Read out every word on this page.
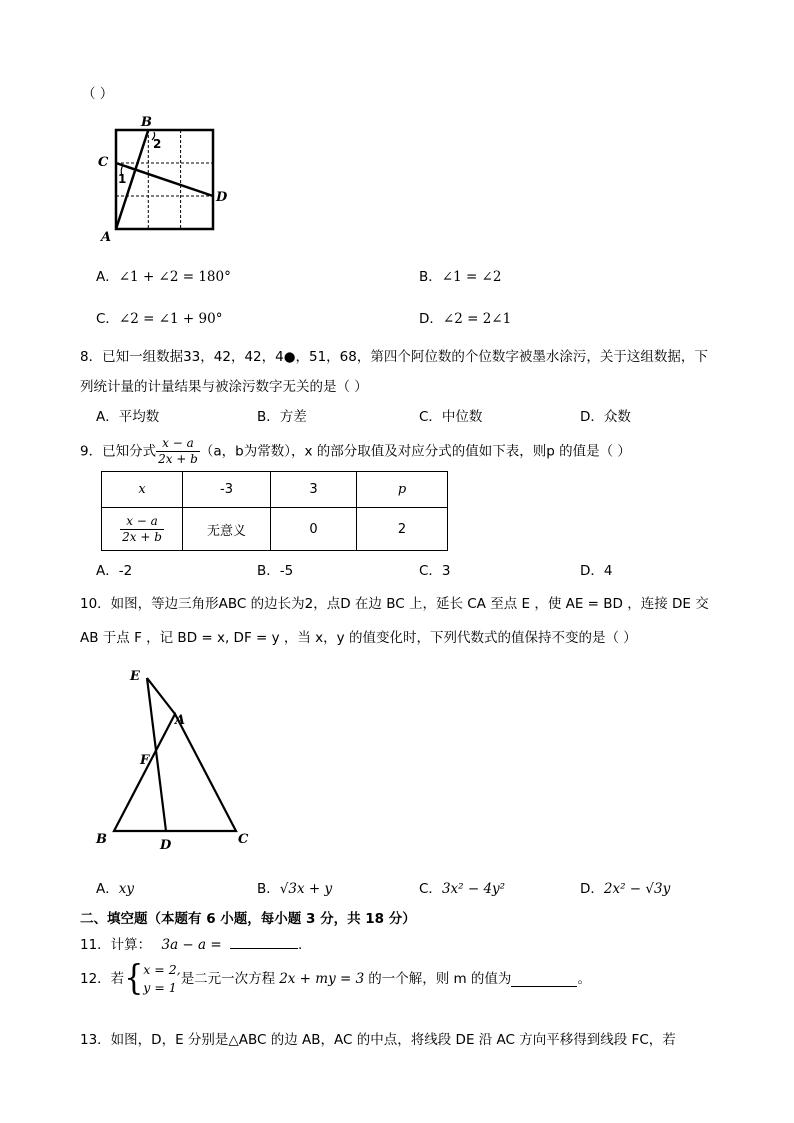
（ ）
B
C
D
A
2
1
A．∠1 + ∠2 = 180°	B．∠1 = ∠2
C．∠2 = ∠1 + 90°	D．∠2 = 2∠1
8．已知一组数据33，42，42，4●，51，68，第四个阿位数的个位数字被墨水涂污，关于这组数据，下
列统计量的计量结果与被涂污数字无关的是（ ）
A．平均数	B．方差	C．中位数	D．众数
9．已知分式 $\frac{x - a}{2x + b} (a$，b为常数），x 的部分取值及对应分式的值如下表，则p 的值是（ ）
x	-3	3	p

$\frac{x - a}{2x + b}$	无意义	0	2
A．-2	B．-5	C．3	D．4
10．如图，等边三角形ABC 的边长为2，点D 在边 BC 上，延长 CA 至点 E ，使 AE = BD ，连接 DE 交
AB 于点 F ，记 BD = x, DF = y ，当 x，y 的值变化时，下列代数式的值保持不变的是（ ）
E
A
F
B	D	C
A．xy	B．√3x + y	C．3x² − 4y²	D．2x² − √3y
二、填空题（本题有 6 小题，每小题 3 分，共 18 分）
11．计算： 3a − a =	.
12．若{ x = 2,
y = 1
是二元一次方程 2x + my = 3 的一个解，则 m 的值为	。
13．如图，D，E 分别是△ABC 的边 AB，AC 的中点，将线段 DE 沿 AC 方向平移得到线段 FC，若
